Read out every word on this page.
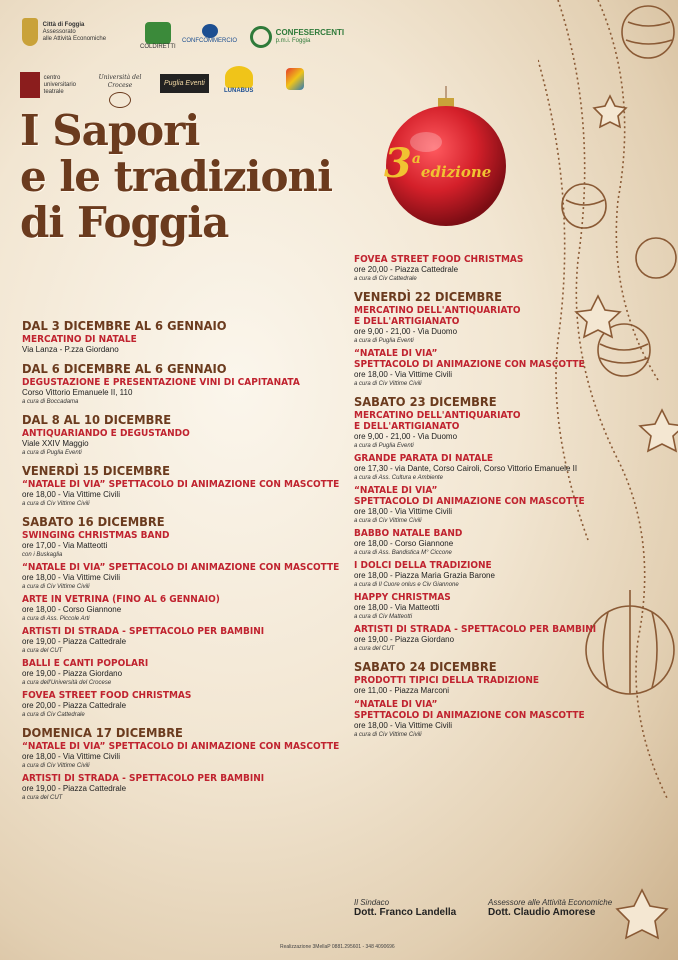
Città di Foggia
Assessorato
alle Attività Economiche
COLDIRETTI
CONFCOMMERCIO
CONFESERCENTI
p.m.i. Foggia
centro
universitario
teatrale
Università del Crocese	Puglia Eventi
LUNABUS
I Sapori
e le tradizioni
di Foggia
3$^a$edizione
DAL 3 DICEMBRE AL 6 GENNAIO
MERCATINO DI NATALE
Via Lanza - P.zza Giordano
DAL 6 DICEMBRE AL 6 GENNAIO
DEGUSTAZIONE E PRESENTAZIONE VINI DI CAPITANATA
Corso Vittorio Emanuele II, 110
a cura di Boccadama
DAL 8 AL 10 DICEMBRE
ANTIQUARIANDO E DEGUSTANDO
Viale XXIV Maggio
a cura di Puglia Eventi
VENERDÌ 15 DICEMBRE
“NATALE DI VIA” SPETTACOLO DI ANIMAZIONE CON MASCOTTE
ore 18,00 - Via Vittime Civili
a cura di Civ Vittime Civili
SABATO 16 DICEMBRE
SWINGING CHRISTMAS BAND
ore 17,00 - Via Matteotti
con i Buskaglia
“NATALE DI VIA” SPETTACOLO DI ANIMAZIONE CON MASCOTTE
ore 18,00 - Via Vittime Civili
a cura di Civ Vittime Civili
ARTE IN VETRINA (FINO AL 6 GENNAIO)
ore 18,00 - Corso Giannone
a cura di Ass. Piccole Arti
ARTISTI DI STRADA - SPETTACOLO PER BAMBINI
ore 19,00 - Piazza Cattedrale
a cura del CUT
BALLI E CANTI POPOLARI
ore 19,00 - Piazza Giordano
a cura dell'Università del Crocese
FOVEA STREET FOOD CHRISTMAS
ore 20,00 - Piazza Cattedrale
a cura di Civ Cattedrale
DOMENICA 17 DICEMBRE
“NATALE DI VIA” SPETTACOLO DI ANIMAZIONE CON MASCOTTE
ore 18,00 - Via Vittime Civili
a cura di Civ Vittime Civili
ARTISTI DI STRADA - SPETTACOLO PER BAMBINI
ore 19,00 - Piazza Cattedrale
a cura del CUT
FOVEA STREET FOOD CHRISTMAS
ore 20,00 - Piazza Cattedrale
a cura di Civ Cattedrale
VENERDÌ 22 DICEMBRE
MERCATINO DELL'ANTIQUARIATO
E DELL'ARTIGIANATO
ore 9,00 - 21,00 - Via Duomo
a cura di Puglia Eventi
“NATALE DI VIA”
SPETTACOLO DI ANIMAZIONE CON MASCOTTE
ore 18,00 - Via Vittime Civili
a cura di Civ Vittime Civili
SABATO 23 DICEMBRE
MERCATINO DELL'ANTIQUARIATO
E DELL'ARTIGIANATO
ore 9,00 - 21,00 - Via Duomo
a cura di Puglia Eventi
GRANDE PARATA DI NATALE
ore 17,30 - via Dante, Corso Cairoli, Corso Vittorio Emanuele II
a cura di Ass. Cultura e Ambiente
“NATALE DI VIA”
SPETTACOLO DI ANIMAZIONE CON MASCOTTE
ore 18,00 - Via Vittime Civili
a cura di Civ Vittime Civili
BABBO NATALE BAND
ore 18,00 - Corso Giannone
a cura di Ass. Bandistica M° Ciccone
I DOLCI DELLA TRADIZIONE
ore 18,00 - Piazza Maria Grazia Barone
a cura di Il Cuore onlus e Civ Giannone
HAPPY CHRISTMAS
ore 18,00 - Via Matteotti
a cura di Civ Matteotti
ARTISTI DI STRADA - SPETTACOLO PER BAMBINI
ore 19,00 - Piazza Giordano
a cura del CUT
SABATO 24 DICEMBRE
PRODOTTI TIPICI DELLA TRADIZIONE
ore 11,00 - Piazza Marconi
“NATALE DI VIA”
SPETTACOLO DI ANIMAZIONE CON MASCOTTE
ore 18,00 - Via Vittime Civili
a cura di Civ Vittime Civili
Il Sindaco
Dott. Franco Landella
Assessore alle Attività Economiche
Dott. Claudio Amorese
Realizzazione 3MellaP 0881.295601 - 348 4090696
